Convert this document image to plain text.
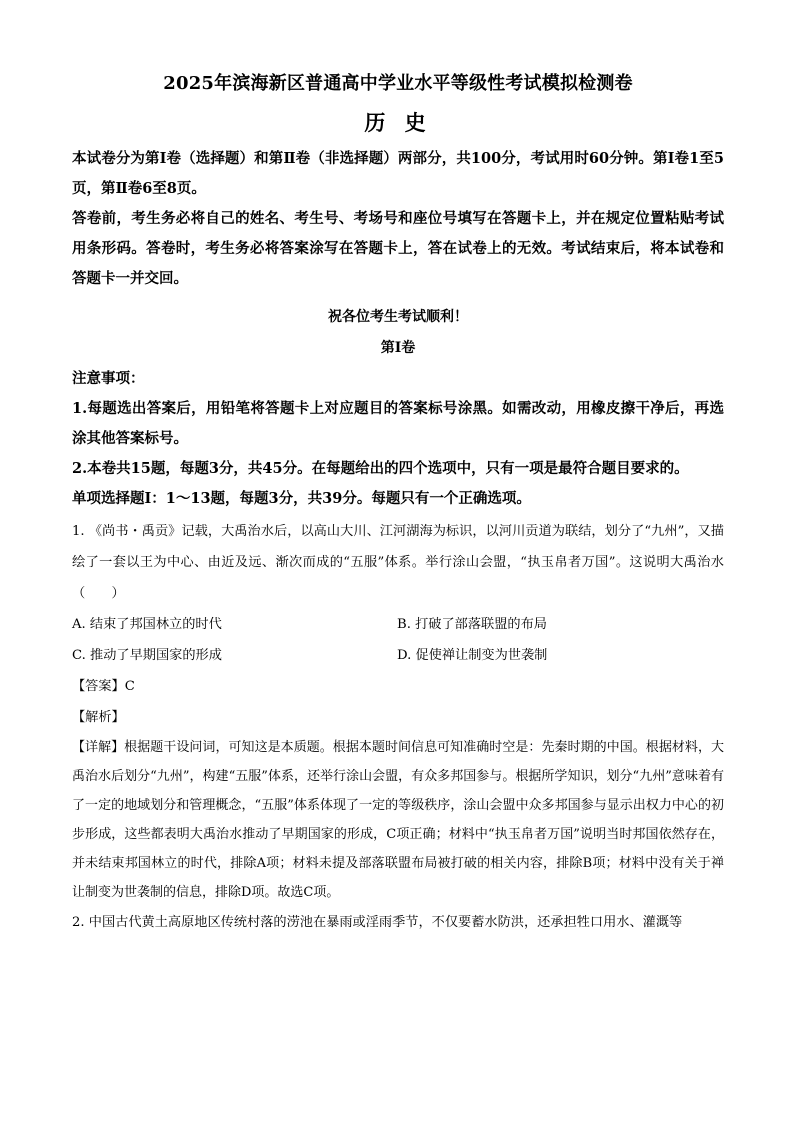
2025年滨海新区普通高中学业水平等级性考试模拟检测卷
历 史

本试卷分为第Ⅰ卷（选择题）和第Ⅱ卷（非选择题）两部分，共100分，考试用时60分钟。第Ⅰ卷1至5页，第Ⅱ卷6至8页。

答卷前，考生务必将自己的姓名、考生号、考场号和座位号填写在答题卡上，并在规定位置粘贴考试用条形码。答卷时，考生务必将答案涂写在答题卡上，答在试卷上的无效。考试结束后，将本试卷和答题卡一并交回。

祝各位考生考试顺利！

第Ⅰ卷

注意事项：

1.每题选出答案后，用铅笔将答题卡上对应题目的答案标号涂黑。如需改动，用橡皮擦干净后，再选涂其他答案标号。

2.本卷共15题，每题3分，共45分。在每题给出的四个选项中，只有一项是最符合题目要求的。

单项选择题Ⅰ：1～13题，每题3分，共39分。每题只有一个正确选项。

1. 《尚书・禹贡》记载，大禹治水后，以高山大川、江河湖海为标识，以河川贡道为联结，划分了“九州”，又描绘了一套以王为中心、由近及远、渐次而成的“五服”体系。举行涂山会盟，“执玉帛者万国”。这说明大禹治水（　　）

A. 结束了邦国林立的时代	B. 打破了部落联盟的布局
C. 推动了早期国家的形成	D. 促使禅让制变为世袭制

【答案】C

【解析】

【详解】根据题干设问词，可知这是本质题。根据本题时间信息可知准确时空是：先秦时期的中国。根据材料，大禹治水后划分“九州”，构建“五服”体系，还举行涂山会盟，有众多邦国参与。根据所学知识，划分“九州”意味着有了一定的地域划分和管理概念，“五服”体系体现了一定的等级秩序，涂山会盟中众多邦国参与显示出权力中心的初步形成，这些都表明大禹治水推动了早期国家的形成，C项正确；材料中“执玉帛者万国”说明当时邦国依然存在，并未结束邦国林立的时代，排除A项；材料未提及部落联盟布局被打破的相关内容，排除B项；材料中没有关于禅让制变为世袭制的信息，排除D项。故选C项。

2. 中国古代黄土高原地区传统村落的涝池在暴雨或淫雨季节，不仅要蓄水防洪，还承担牲口用水、灌溉等
